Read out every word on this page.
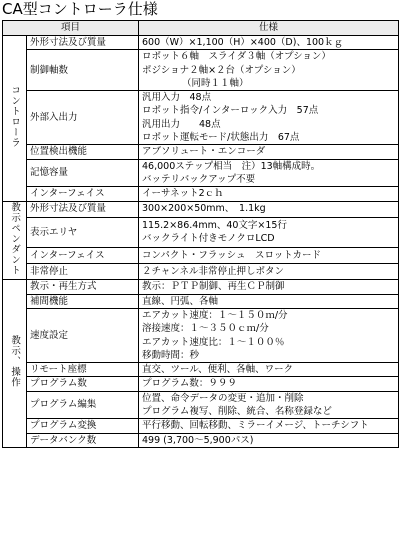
CA型コントローラ仕様
項目		仕様
コントローラ	外形寸法及び質量	600（W）×1,100（H）×400（D)、100ｋｇ

	制御軸数	ロボット６軸　スライダ３軸（オプション）
ポジショナ２軸×２台（オプション）
（同時１１軸）

	外部入出力	汎用入力　48点
ロボット指令/インターロック入力　57点
汎用出力　　48点
ロボット運転モード/状態出力　67点

	位置検出機能	アブソリュート・エンコーダ

	記憶容量	46,000ステップ相当　注）13軸構成時。
バッテリバックアップ不要

	インターフェイス	イーサネット2ｃｈ

教示ペンダント	外形寸法及び質量	300×200×50mm、　1.1kg

	表示エリヤ	115.2×86.4mm、40文字×15行
バックライト付きモノクロLCD

	インターフェイス	コンパクト・フラッシュ　スロットカード

	非常停止	２チャンネル非常停止押しボタン

教示、操作	教示・再生方式	教示：ＰＴＰ制御、再生ＣＰ制御

	補間機能	直線、円弧、各軸

	速度設定	エアカット速度：１～１５０ｍ/分
溶接速度：１～３５０ｃｍ/分
エアカット速度比：１～１００％
移動時間：秒

	リモート座標	直交、ツール、便利、各軸、ワーク

	プログラム数	プログラム数：９９９

	プログラム編集	位置、命令データの変更・追加・削除
プログラム複写、削除、統合、名称登録など

	プログラム変換	平行移動、回転移動、ミラーイメージ、トーチシフト

	データバンク数	499 (3,700～5,900パス)
